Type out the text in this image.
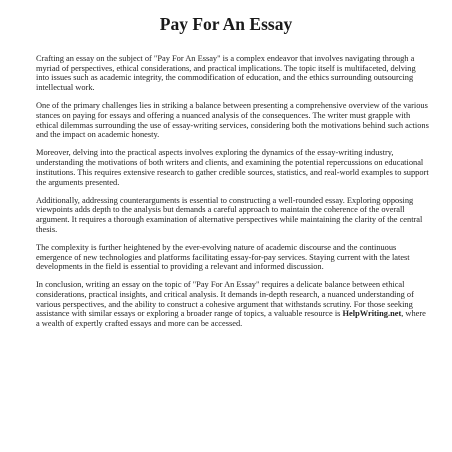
Pay For An Essay

Crafting an essay on the subject of "Pay For An Essay" is a complex endeavor that involves navigating through a myriad of perspectives, ethical considerations, and practical implications. The topic itself is multifaceted, delving into issues such as academic integrity, the commodification of education, and the ethics surrounding outsourcing intellectual work.

One of the primary challenges lies in striking a balance between presenting a comprehensive overview of the various stances on paying for essays and offering a nuanced analysis of the consequences. The writer must grapple with ethical dilemmas surrounding the use of essay-writing services, considering both the motivations behind such actions and the impact on academic honesty.

Moreover, delving into the practical aspects involves exploring the dynamics of the essay-writing industry, understanding the motivations of both writers and clients, and examining the potential repercussions on educational institutions. This requires extensive research to gather credible sources, statistics, and real-world examples to support the arguments presented.

Additionally, addressing counterarguments is essential to constructing a well-rounded essay. Exploring opposing viewpoints adds depth to the analysis but demands a careful approach to maintain the coherence of the overall argument. It requires a thorough examination of alternative perspectives while maintaining the clarity of the central thesis.

The complexity is further heightened by the ever-evolving nature of academic discourse and the continuous emergence of new technologies and platforms facilitating essay-for-pay services. Staying current with the latest developments in the field is essential to providing a relevant and informed discussion.

In conclusion, writing an essay on the topic of "Pay For An Essay" requires a delicate balance between ethical considerations, practical insights, and critical analysis. It demands in-depth research, a nuanced understanding of various perspectives, and the ability to construct a cohesive argument that withstands scrutiny. For those seeking assistance with similar essays or exploring a broader range of topics, a valuable resource is HelpWriting.net, where a wealth of expertly crafted essays and more can be accessed.
